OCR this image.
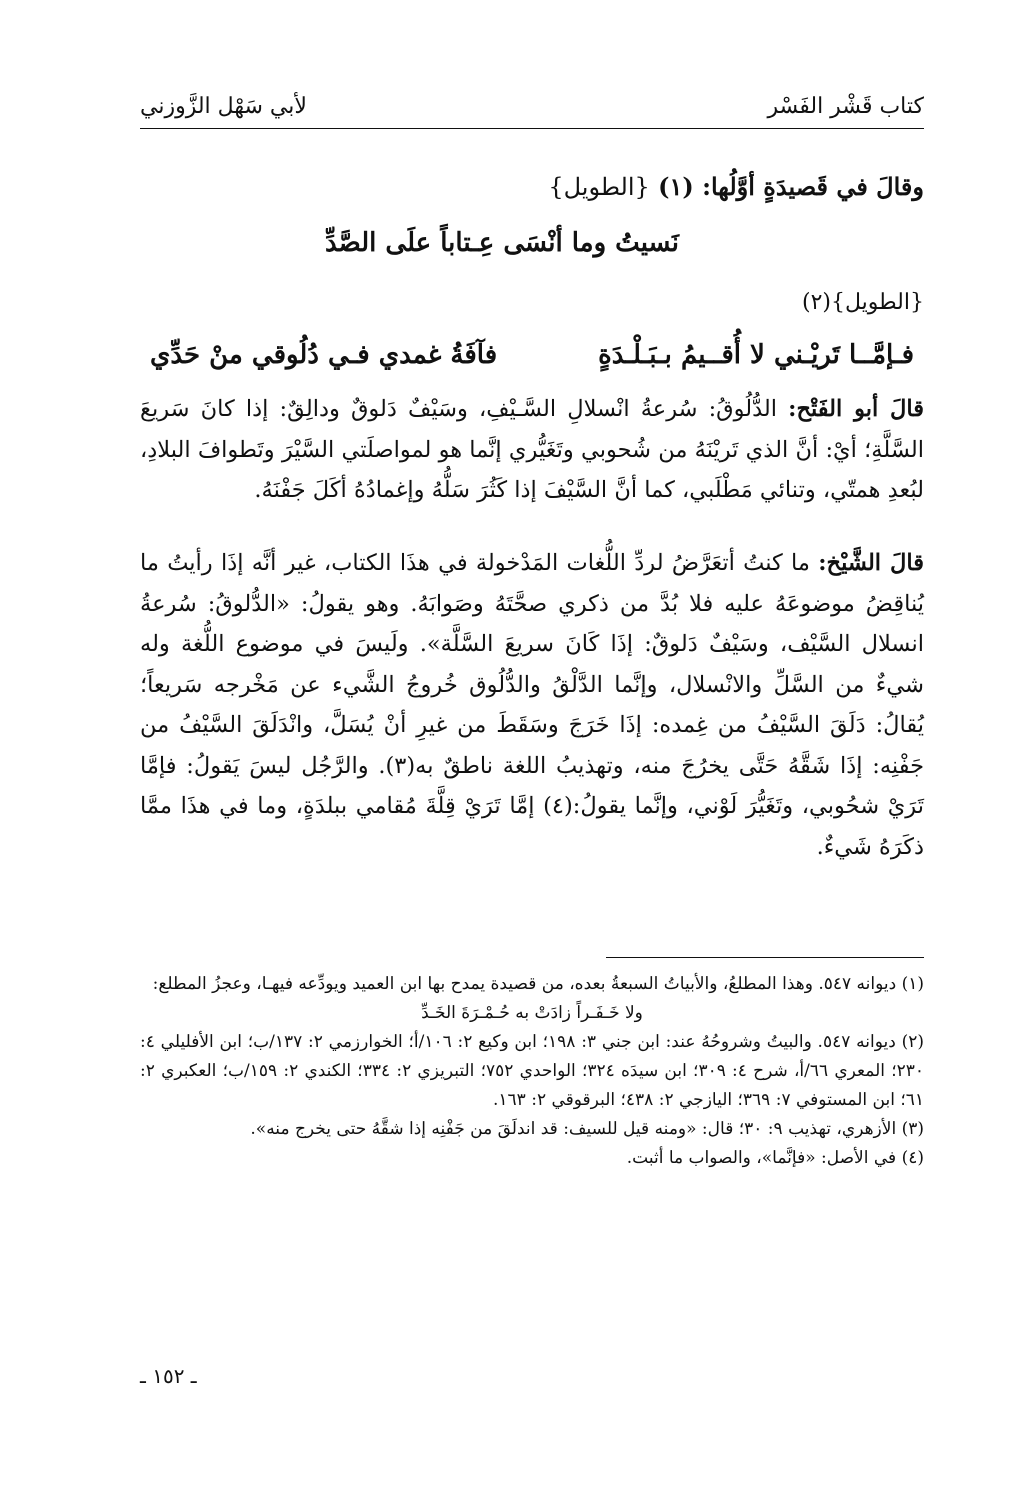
كتاب قَشْر الفَسْر
لأبي سَهْل الزَّوزني
وقالَ في قَصيدَةٍ أوَّلُها: (١) {الطويل}
نَسيتُ وما أنْسَى عِـتاباً علَى الصَّدِّ
{الطويل}(٢)
فـإمَّــا تَريْـني لا أُقــيمُ بـبَـلْـدَةٍ
فآفَةُ غمدي فـي دُلُوقي منْ حَدِّي
قالَ أبو الفَتْح: الدُّلُوقُ: سُرعةُ انْسلالِ السَّـيْفِ، وسَيْفٌ دَلوقٌ ودالِقٌ: إذا كانَ سَريعَ السَّلَّةِ؛ أيْ: أنَّ الذي تَريْنَهُ من شُحوبي وتَغَيُّري إنَّما هو لمواصلَتي السَّيْرَ وتَطوافَ البلادِ، لبُعدِ همتّي، وتنائي مَطْلَبي، كما أنَّ السَّيْفَ إذا كَثُرَ سَلُّهُ وإغمادُهُ أكَلَ جَفْنَهُ.
قالَ الشَّيْخ: ما كنتُ أتعَرَّضُ لردِّ اللُّغات المَدْخولة في هذَا الكتاب، غير أنَّه إذَا رأيتُ ما يُناقِضُ موضوعَهُ عليه فلا بُدَّ من ذكري صحَّتَهُ وصَوابَهُ. وهو يقولُ: «الدُّلوقُ: سُرعةُ انسلال السَّيْف، وسَيْفٌ دَلوقٌ: إذَا كَانَ سريعَ السَّلَّة». ولَيسَ في موضوع اللُّغة وله شيءٌ من السَّلِّ والانْسلال، وإنَّما الدَّلْقُ والدُّلُوق خُروجُ الشَّيء عن مَخْرجه سَريعاً؛ يُقالُ: دَلَقَ السَّيْفُ من غِمده: إذَا خَرَجَ وسَقَطَ من غيرِ أنْ يُسَلَّ، وانْدَلَقَ السَّيْفُ من جَفْنِه: إذَا شَقَّهُ حَتَّى يخرُجَ منه، وتهذيبُ اللغة ناطقٌ به(٣). والرَّجُل ليسَ يَقولُ: فإمَّا تَرَيْ شحُوبي، وتَغَيُّرَ لَوْني، وإنَّما يقولُ:(٤) إمَّا تَرَيْ قِلَّةَ مُقامي ببلدَةٍ، وما في هذَا ممَّا ذكَرَهُ شَيءٌ.

(١) ديوانه ٥٤٧. وهذا المطلعُ، والأبياتُ السبعةُ بعده، من قصيدة يمدح بها ابن العميد ويودِّعه فيهـا، وعجزُ المطلع:

ولا خَـفَـراً زادَتْ به حُـمْـرَةَ الخَـدِّ

(٢) ديوانه ٥٤٧. والبيتُ وشروحُهُ عند: ابن جني ٣: ١٩٨؛ ابن وكيع ٢: ١٠٦/أ؛ الخوارزمي ٢: ١٣٧/ب؛ ابن الأفليلي ٤: ٢٣٠؛ المعري ٦٦/أ، شرح ٤: ٣٠٩؛ ابن سيدَه ٣٢٤؛ الواحدي ٧٥٢؛ التبريزي ٢: ٣٣٤؛ الكندي ٢: ١٥٩/ب؛ العكبري ٢: ٦١؛ ابن المستوفي ٧: ٣٦٩؛ اليازجي ٢: ٤٣٨؛ البرقوقي ٢: ١٦٣.

(٣) الأزهري، تهذيب ٩: ٣٠؛ قال: «ومنه قيل للسيف: قد اندلَقَ من جَفْنِه إذا شقَّهُ حتى يخرج منه».

(٤) في الأصل: «فإنَّما»، والصواب ما أثبت.

ـ ١٥٢ ـ
